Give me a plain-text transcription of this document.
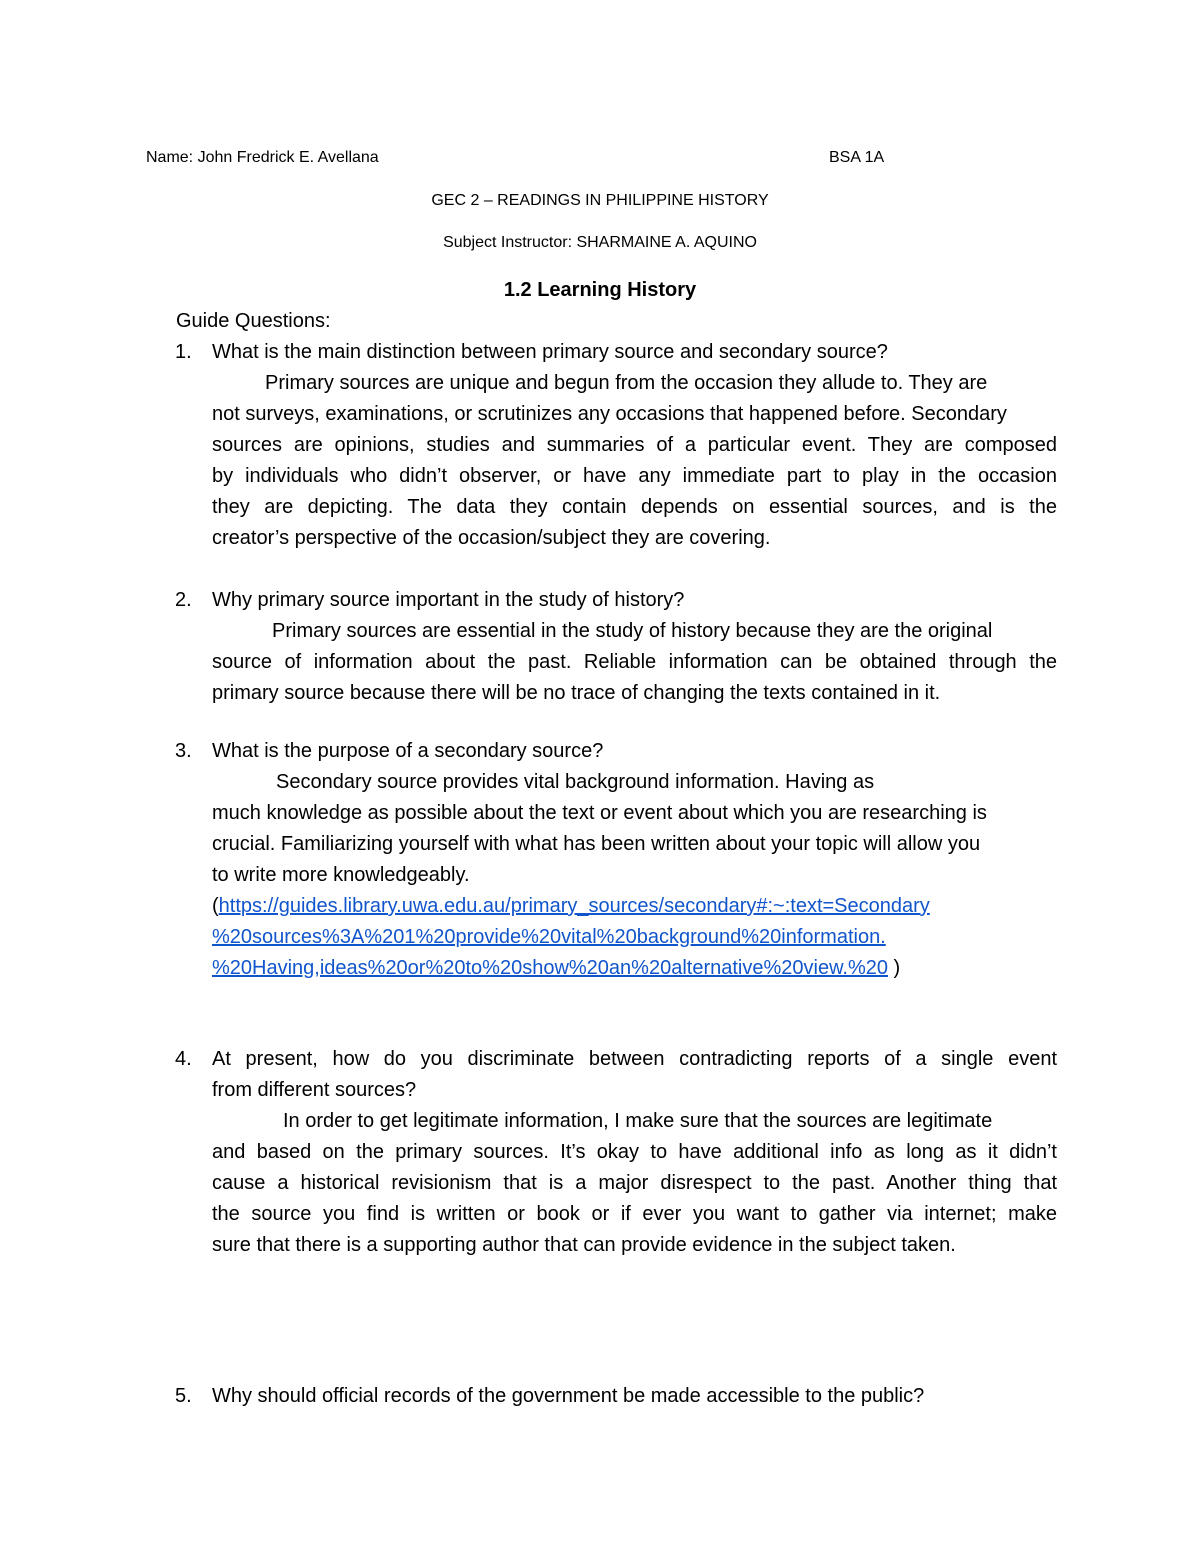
Name: John Fredrick E. Avellana	BSA 1A
GEC 2 – READINGS IN PHILIPPINE HISTORY
Subject Instructor: SHARMAINE A. AQUINO
1.2 Learning History
Guide Questions:
1. What is the main distinction between primary source and secondary source?
Primary sources are unique and begun from the occasion they allude to. They are
not surveys, examinations, or scrutinizes any occasions that happened before. Secondary
sources are opinions, studies and summaries of a particular event. They are composed
by individuals who didn’t observer, or have any immediate part to play in the occasion
they are depicting. The data they contain depends on essential sources, and is the
creator’s perspective of the occasion/subject they are covering.
2. Why primary source important in the study of history?
Primary sources are essential in the study of history because they are the original
source of information about the past. Reliable information can be obtained through the
primary source because there will be no trace of changing the texts contained in it.
3. What is the purpose of a secondary source?
Secondary source provides vital background information. Having as
much knowledge as possible about the text or event about which you are researching is
crucial. Familiarizing yourself with what has been written about your topic will allow you
to write more knowledgeably.
(https://guides.library.uwa.edu.au/primary_sources/secondary#:~:text=Secondary
%20sources%3A%201%20provide%20vital%20background%20information.
%20Having,ideas%20or%20to%20show%20an%20alternative%20view.%20 )
4. At present, how do you discriminate between contradicting reports of a single event
from different sources?
In order to get legitimate information, I make sure that the sources are legitimate
and based on the primary sources. It’s okay to have additional info as long as it didn’t
cause a historical revisionism that is a major disrespect to the past. Another thing that
the source you find is written or book or if ever you want to gather via internet; make
sure that there is a supporting author that can provide evidence in the subject taken.
5. Why should official records of the government be made accessible to the public?
